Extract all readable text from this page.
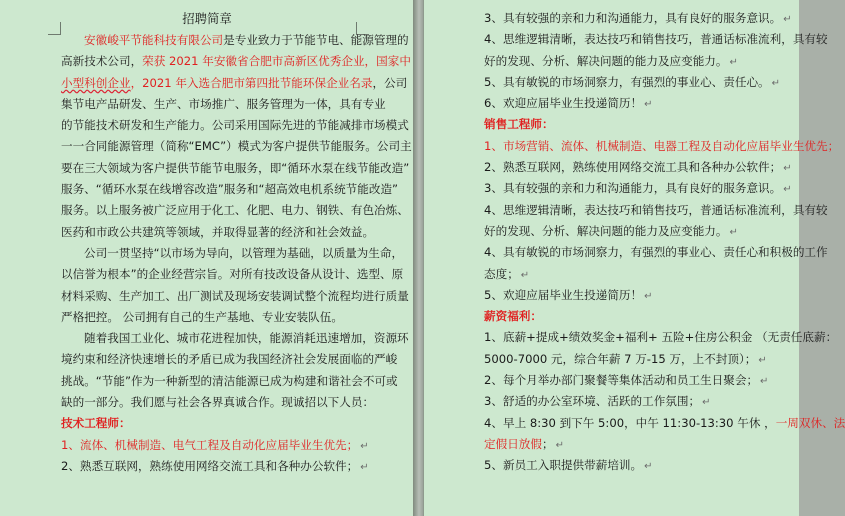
招聘简章
安徽峻平节能科技有限公司是专业致力于节能节电、能源管理的
高新技术公司，荣获 2021 年安徽省合肥市高新区优秀企业，国家中
小型科创企业，2021 年入选合肥市第四批节能环保企业名录，公司
集节电产品研发、生产、市场推广、服务管理为一体，具有专业
的节能技术研发和生产能力。公司采用国际先进的节能减排市场模式
一一合同能源管理（简称“EMC”）模式为客户提供节能服务。公司主
要在三大领域为客户提供节能节电服务，即“循环水泵在线节能改造”
服务、“循环水泵在线增容改造”服务和“超高效电机系统节能改造”
服务。以上服务被广泛应用于化工、化肥、电力、钢铁、有色冶炼、
医药和市政公共建筑等领域，并取得显著的经济和社会效益。
公司一贯坚持“以市场为导向，以管理为基础，以质量为生命，
以信誉为根本”的企业经营宗旨。对所有技改设备从设计、选型、原
材料采购、生产加工、出厂测试及现场安装调试整个流程均进行质量
严格把控。 公司拥有自己的生产基地、专业安装队伍。
随着我国工业化、城市花进程加快，能源消耗迅速增加，资源环
境约束和经济快速增长的矛盾已成为我国经济社会发展面临的严峻
挑战。“节能”作为一种新型的清洁能源已成为构建和谐社会不可或
缺的一部分。我们愿与社会各界真诚合作。现诚招以下人员：
技术工程师：
1、流体、机械制造、电气工程及自动化应届毕业生优先； ↵
2、熟悉互联网，熟练使用网络交流工具和各种办公软件； ↵
3、具有较强的亲和力和沟通能力，具有良好的服务意识。 ↵
4、思维逻辑清晰，表达技巧和销售技巧，普通话标准流利，具有较
好的发现、分析、解决问题的能力及应变能力。 ↵
5、具有敏锐的市场洞察力，有强烈的事业心、责任心。 ↵
6、欢迎应届毕业生投递简历！ ↵
销售工程师：
1、市场营销、流体、机械制造、电器工程及自动化应届毕业生优先；
2、熟悉互联网，熟练使用网络交流工具和各种办公软件； ↵
3、具有较强的亲和力和沟通能力，具有良好的服务意识。 ↵
4、思维逻辑清晰，表达技巧和销售技巧，普通话标准流利，具有较
好的发现、分析、解决问题的能力及应变能力。 ↵
4、具有敏锐的市场洞察力，有强烈的事业心、责任心和积极的工作
态度； ↵
5、欢迎应届毕业生投递简历！ ↵
薪资福利：
1、底薪+提成+绩效奖金+福利+ 五险+住房公积金 （无责任底薪：
5000-7000 元，综合年薪 7 万-15 万，上不封顶）； ↵
2、每个月举办部门聚餐等集体活动和员工生日聚会； ↵
3、舒适的办公室环境、活跃的工作氛围； ↵
4、早上 8:30 到下午 5:00，中午 11:30-13:30 午休 ，一周双休、法
定假日放假； ↵
5、新员工入职提供带薪培训。 ↵
